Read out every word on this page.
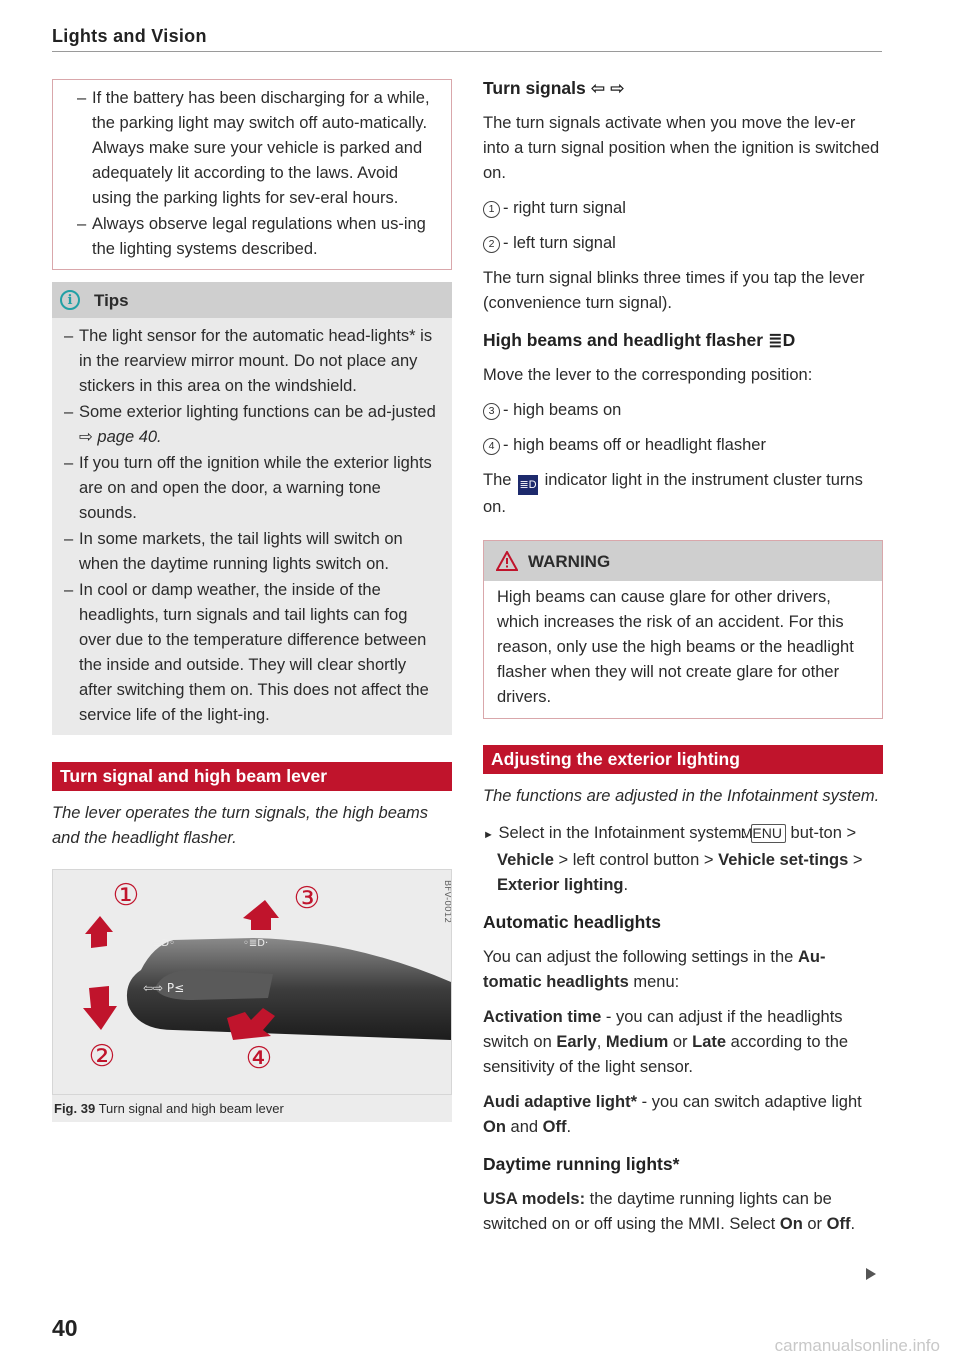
Lights and Vision
– If the battery has been discharging for a while, the parking light may switch off auto-matically. Always make sure your vehicle is parked and adequately lit according to the laws. Avoid using the parking lights for sev-eral hours.
– Always observe legal regulations when us-ing the lighting systems described.
i	Tips
– The light sensor for the automatic head-lights* is in the rearview mirror mount. Do not place any stickers in this area on the windshield.
– Some exterior lighting functions can be ad-justed ⇨ page 40.
– If you turn off the ignition while the exterior lights are on and open the door, a warning tone sounds.
– In some markets, the tail lights will switch on when the daytime running lights switch on.
– In cool or damp weather, the inside of the headlights, turn signals and tail lights can fog over due to the temperature difference between the inside and outside. They will clear shortly after switching them on. This does not affect the service life of the light-ing.
Turn signal and high beam lever

The lever operates the turn signals, the high beams and the headlight flasher.

≣D◦	◦≣D·
⇦⇨ P≤
①
②
③
④
BFV-0012
Fig. 39 Turn signal and high beam lever
Turn signals ⇦ ⇨

The turn signals activate when you move the lev-er into a turn signal position when the ignition is switched on.

1 - right turn signal

2 - left turn signal

The turn signal blinks three times if you tap the lever (convenience turn signal).

High beams and headlight flasher ≣D

Move the lever to the corresponding position:

3 - high beams on

4 - high beams off or headlight flasher

The ≣D indicator light in the instrument cluster turns on.

WARNING
High beams can cause glare for other drivers, which increases the risk of an accident. For this reason, only use the high beams or the headlight flasher when they will not create glare for other drivers.
Adjusting the exterior lighting

The functions are adjusted in the Infotainment system.

► Select in the Infotainment system: MENU but-ton > Vehicle > left control button > Vehicle set-tings > Exterior lighting.

Automatic headlights

You can adjust the following settings in the Au-tomatic headlights menu:

Activation time - you can adjust if the headlights switch on Early, Medium or Late according to the sensitivity of the light sensor.

Audi adaptive light* - you can switch adaptive light On and Off.

Daytime running lights*

USA models: the daytime running lights can be switched on or off using the MMI. Select On or Off.

40
carmanualsonline.info
